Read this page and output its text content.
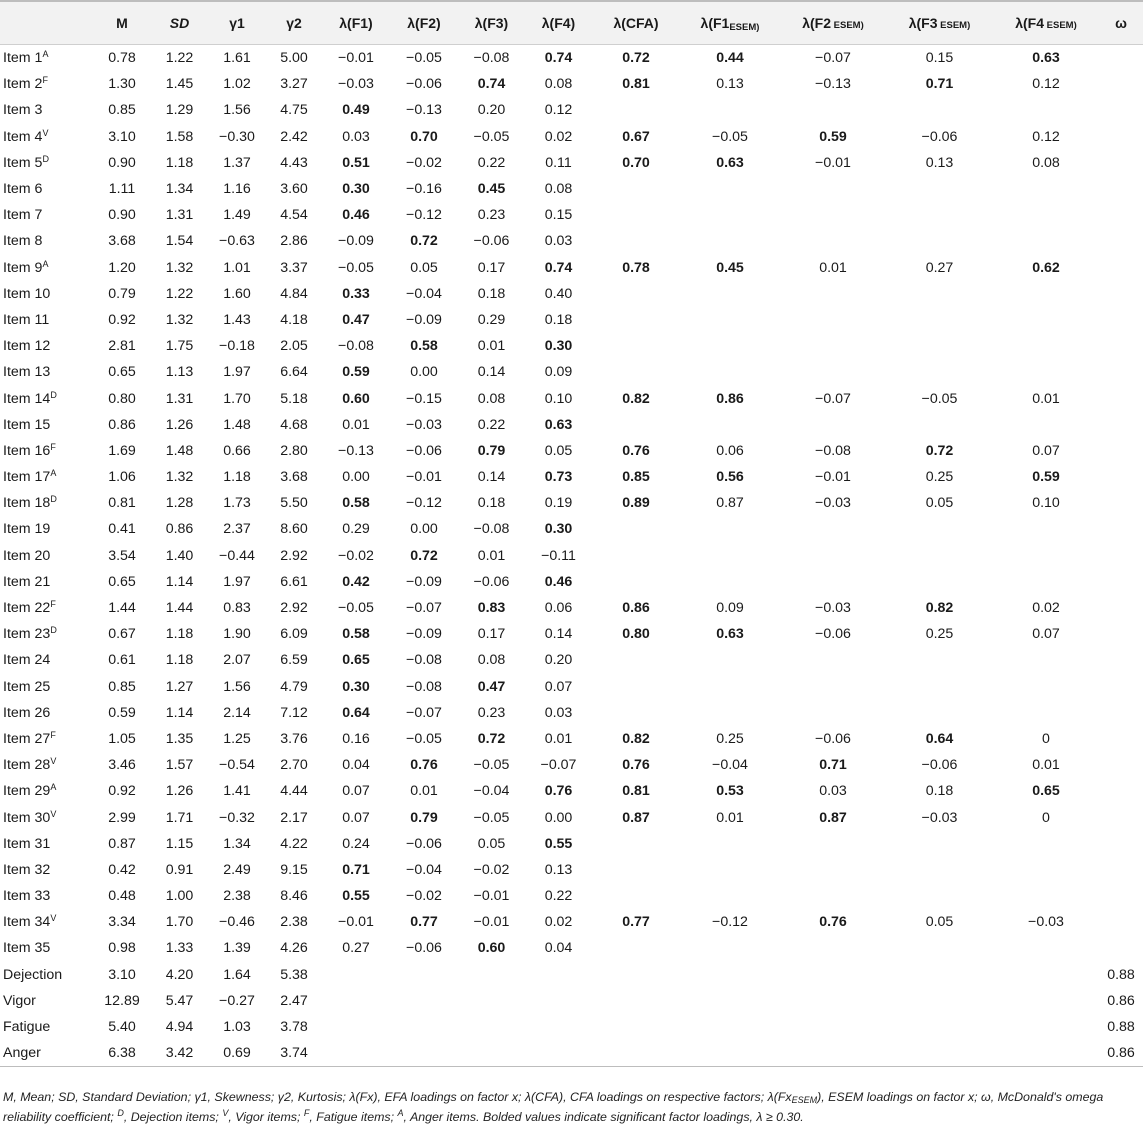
	M	SD	γ1	γ2	λ(F1)	λ(F2)	λ(F3)	λ(F4)	λ(CFA)	$\lambda(F1_{ESEM)}$	λ(F2 ESEM)	λ(F3 ESEM)	λ(F4 ESEM)	ω
Item $1^A$	0.78	1.22	1.61	5.00	−0.01	−0.05	−0.08	0.74	0.72	0.44	−0.07	0.15	0.63	
Item $2^F$	1.30	1.45	1.02	3.27	−0.03	−0.06	0.74	0.08	0.81	0.13	−0.13	0.71	0.12	
Item 3	0.85	1.29	1.56	4.75	0.49	−0.13	0.20	0.12						
Item $4^V$	3.10	1.58	−0.30	2.42	0.03	0.70	−0.05	0.02	0.67	−0.05	0.59	−0.06	0.12	
Item $5^D$	0.90	1.18	1.37	4.43	0.51	−0.02	0.22	0.11	0.70	0.63	−0.01	0.13	0.08	
Item 6	1.11	1.34	1.16	3.60	0.30	−0.16	0.45	0.08						
Item 7	0.90	1.31	1.49	4.54	0.46	−0.12	0.23	0.15						
Item 8	3.68	1.54	−0.63	2.86	−0.09	0.72	−0.06	0.03						
Item $9^A$	1.20	1.32	1.01	3.37	−0.05	0.05	0.17	0.74	0.78	0.45	0.01	0.27	0.62	
Item 10	0.79	1.22	1.60	4.84	0.33	−0.04	0.18	0.40						
Item 11	0.92	1.32	1.43	4.18	0.47	−0.09	0.29	0.18						
Item 12	2.81	1.75	−0.18	2.05	−0.08	0.58	0.01	0.30						
Item 13	0.65	1.13	1.97	6.64	0.59	0.00	0.14	0.09						
Item $14^D$	0.80	1.31	1.70	5.18	0.60	−0.15	0.08	0.10	0.82	0.86	−0.07	−0.05	0.01	
Item 15	0.86	1.26	1.48	4.68	0.01	−0.03	0.22	0.63						
Item $16^F$	1.69	1.48	0.66	2.80	−0.13	−0.06	0.79	0.05	0.76	0.06	−0.08	0.72	0.07	
Item $17^A$	1.06	1.32	1.18	3.68	0.00	−0.01	0.14	0.73	0.85	0.56	−0.01	0.25	0.59	
Item $18^D$	0.81	1.28	1.73	5.50	0.58	−0.12	0.18	0.19	0.89	0.87	−0.03	0.05	0.10	
Item 19	0.41	0.86	2.37	8.60	0.29	0.00	−0.08	0.30						
Item 20	3.54	1.40	−0.44	2.92	−0.02	0.72	0.01	−0.11						
Item 21	0.65	1.14	1.97	6.61	0.42	−0.09	−0.06	0.46						
Item $22^F$	1.44	1.44	0.83	2.92	−0.05	−0.07	0.83	0.06	0.86	0.09	−0.03	0.82	0.02	
Item $23^D$	0.67	1.18	1.90	6.09	0.58	−0.09	0.17	0.14	0.80	0.63	−0.06	0.25	0.07	
Item 24	0.61	1.18	2.07	6.59	0.65	−0.08	0.08	0.20						
Item 25	0.85	1.27	1.56	4.79	0.30	−0.08	0.47	0.07						
Item 26	0.59	1.14	2.14	7.12	0.64	−0.07	0.23	0.03						
Item $27^F$	1.05	1.35	1.25	3.76	0.16	−0.05	0.72	0.01	0.82	0.25	−0.06	0.64	0	
Item $28^V$	3.46	1.57	−0.54	2.70	0.04	0.76	−0.05	−0.07	0.76	−0.04	0.71	−0.06	0.01	
Item $29^A$	0.92	1.26	1.41	4.44	0.07	0.01	−0.04	0.76	0.81	0.53	0.03	0.18	0.65	
Item $30^V$	2.99	1.71	−0.32	2.17	0.07	0.79	−0.05	0.00	0.87	0.01	0.87	−0.03	0	
Item 31	0.87	1.15	1.34	4.22	0.24	−0.06	0.05	0.55						
Item 32	0.42	0.91	2.49	9.15	0.71	−0.04	−0.02	0.13						
Item 33	0.48	1.00	2.38	8.46	0.55	−0.02	−0.01	0.22						
Item $34^V$	3.34	1.70	−0.46	2.38	−0.01	0.77	−0.01	0.02	0.77	−0.12	0.76	0.05	−0.03	
Item 35	0.98	1.33	1.39	4.26	0.27	−0.06	0.60	0.04						
Dejection	3.10	4.20	1.64	5.38										0.88
Vigor	12.89	5.47	−0.27	2.47										0.86
Fatigue	5.40	4.94	1.03	3.78										0.88
Anger	6.38	3.42	0.69	3.74										0.86
M, Mean; SD, Standard Deviation; γ1, Skewness; γ2, Kurtosis; λ(Fx), EFA loadings on factor x; λ(CFA), CFA loadings on respective factors; $\lambda(Fx_{ESEM})$, ESEM loadings on factor x; ω, McDonald's omega reliability coefficient; $^D$, Dejection items; $^V$, Vigor items; $^F$, Fatigue items; $^A$, Anger items. Bolded values indicate significant factor loadings, λ ≥ 0.30.
